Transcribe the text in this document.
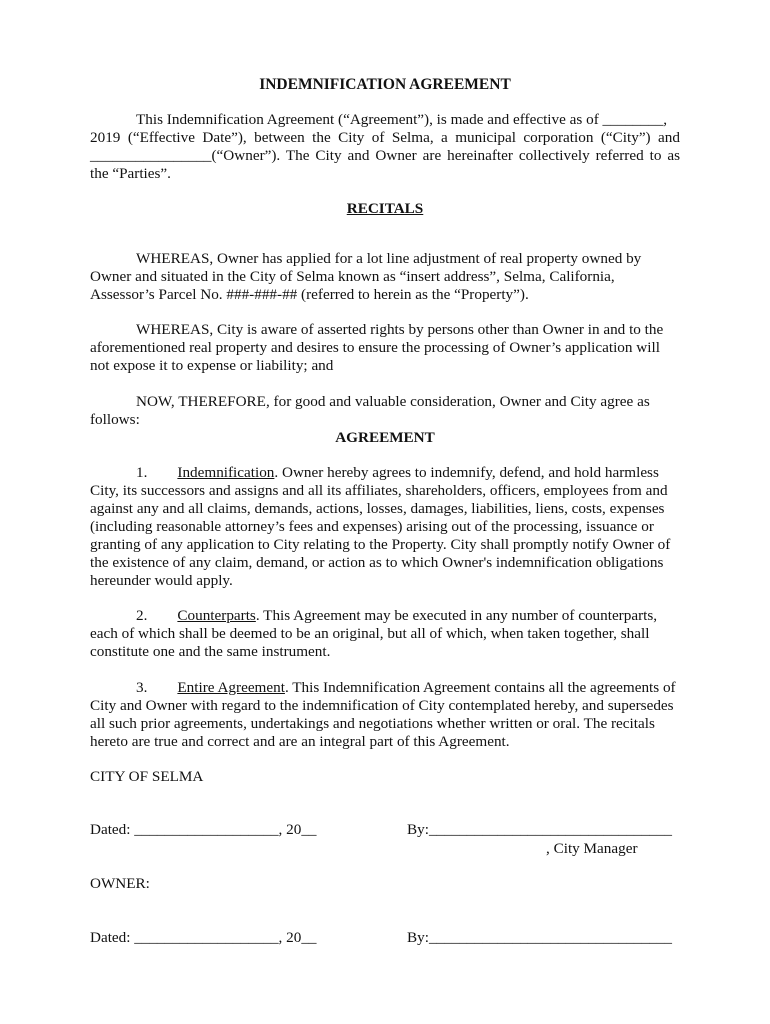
INDEMNIFICATION AGREEMENT
This Indemnification Agreement (“Agreement”), is made and effective as of ________,
2019 (“Effective Date”), between the City of Selma, a municipal corporation (“City”) and
________________(“Owner”). The City and Owner are hereinafter collectively referred to as
the “Parties”.
RECITALS

WHEREAS, Owner has applied for a lot line adjustment of real property owned by Owner and situated in the City of Selma known as “insert address”, Selma, California, Assessor’s Parcel No. ###-###-## (referred to herein as the “Property”).

WHEREAS, City is aware of asserted rights by persons other than Owner in and to the aforementioned real property and desires to ensure the processing of Owner’s application will not expose it to expense or liability; and

NOW, THEREFORE, for good and valuable consideration, Owner and City agree as follows:

AGREEMENT

1. Indemnification. Owner hereby agrees to indemnify, defend, and hold harmless City, its successors and assigns and all its affiliates, shareholders, officers, employees from and against any and all claims, demands, actions, losses, damages, liabilities, liens, costs, expenses (including reasonable attorney’s fees and expenses) arising out of the processing, issuance or granting of any application to City relating to the Property. City shall promptly notify Owner of the existence of any claim, demand, or action as to which Owner's indemnification obligations hereunder would apply.

2. Counterparts. This Agreement may be executed in any number of counterparts, each of which shall be deemed to be an original, but all of which, when taken together, shall constitute one and the same instrument.

3. Entire Agreement. This Indemnification Agreement contains all the agreements of City and Owner with regard to the indemnification of City contemplated hereby, and supersedes all such prior agreements, undertakings and negotiations whether written or oral. The recitals hereto are true and correct and are an integral part of this Agreement.

CITY OF SELMA
Dated: ___________________, 20__	By:________________________________
, City Manager
OWNER:
Dated: ___________________, 20__	By:________________________________
